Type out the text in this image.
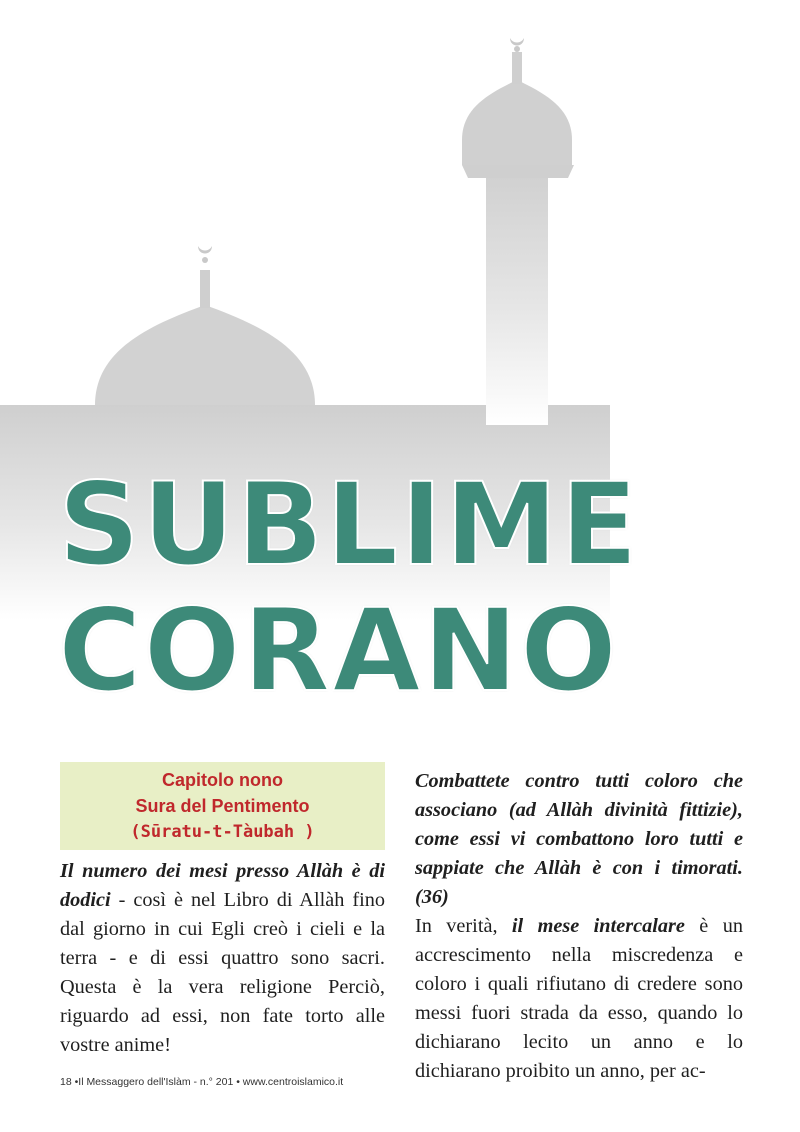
SUBLIME
CORANO
Capitolo nono
Sura del Pentimento
(Sūratu-t-Tàubah )
Il numero dei mesi presso Allàh è di dodici - così è nel Libro di Allàh fino dal giorno in cui Egli creò i cieli e la terra - e di essi quattro sono sacri. Questa è la vera religione Perciò, riguardo ad essi, non fate torto alle vostre anime!
Combattete contro tutti coloro che associano (ad Allàh divinità fittizie), come essi vi combattono loro tutti e sappiate che Allàh è con i timorati. (36)
In verità, il mese intercalare è un accrescimento nella miscredenza e coloro i quali rifiutano di credere sono messi fuori strada da esso, quando lo dichiarano lecito un anno e lo dichiarano proibito un anno, per ac-
18 •Il Messaggero dell'Islàm - n.° 201 • www.centroislamico.it
